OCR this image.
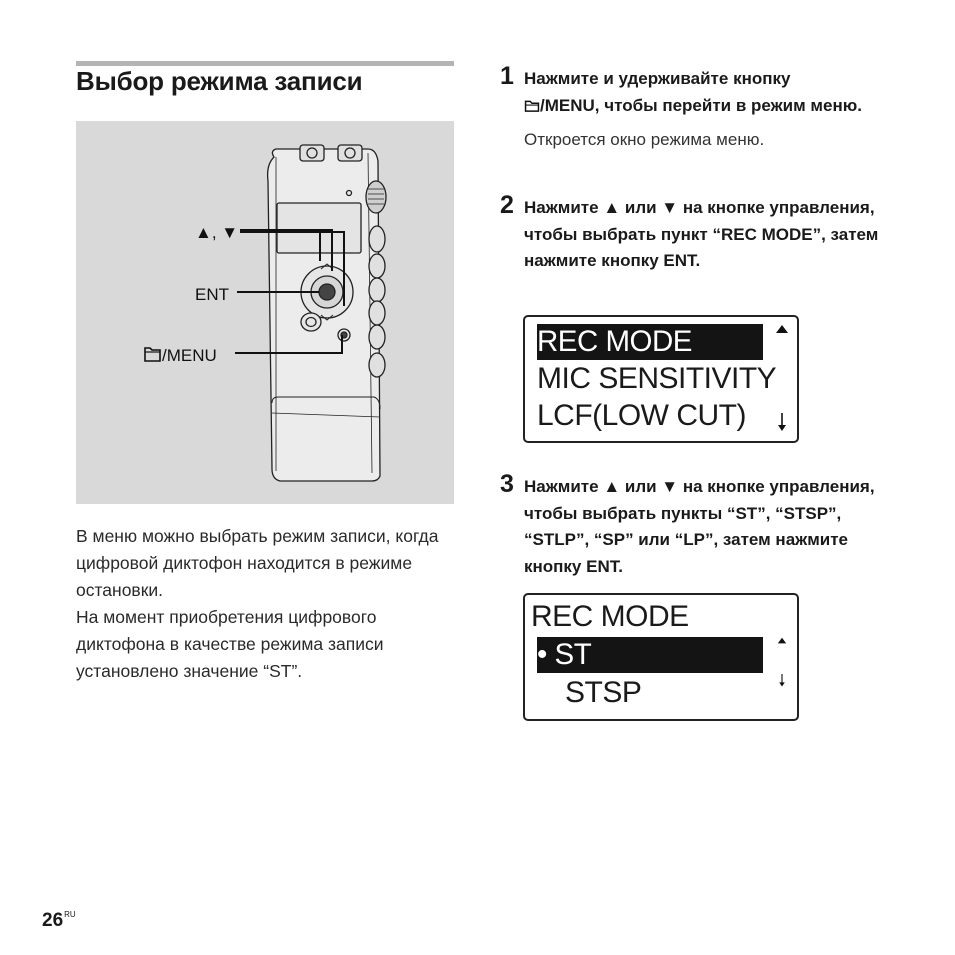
Выбор режима записи
▲, ▼
ENT
/MENU

В меню можно выбрать режим записи, когда цифровой диктофон находится в режиме остановки.

На момент приобретения цифрового диктофона в качестве режима записи установлено значение “ST”.

1 Нажмите и удерживайте кнопку
/MENU, чтобы перейти в режим меню.
Откроется окно режима меню.
2 Нажмите ▲ или ▼ на кнопке управления, чтобы выбрать пункт “REC MODE”, затем нажмите кнопку ENT.
REC MODE
MIC SENSITIVITY
LCF(LOW CUT)
3 Нажмите ▲ или ▼ на кнопке управления, чтобы выбрать пункты “ST”, “STSP”, “STLP”, “SP” или “LP”, затем нажмите кнопку ENT.
REC MODE
• ST
STSP
$26^{RU}$
